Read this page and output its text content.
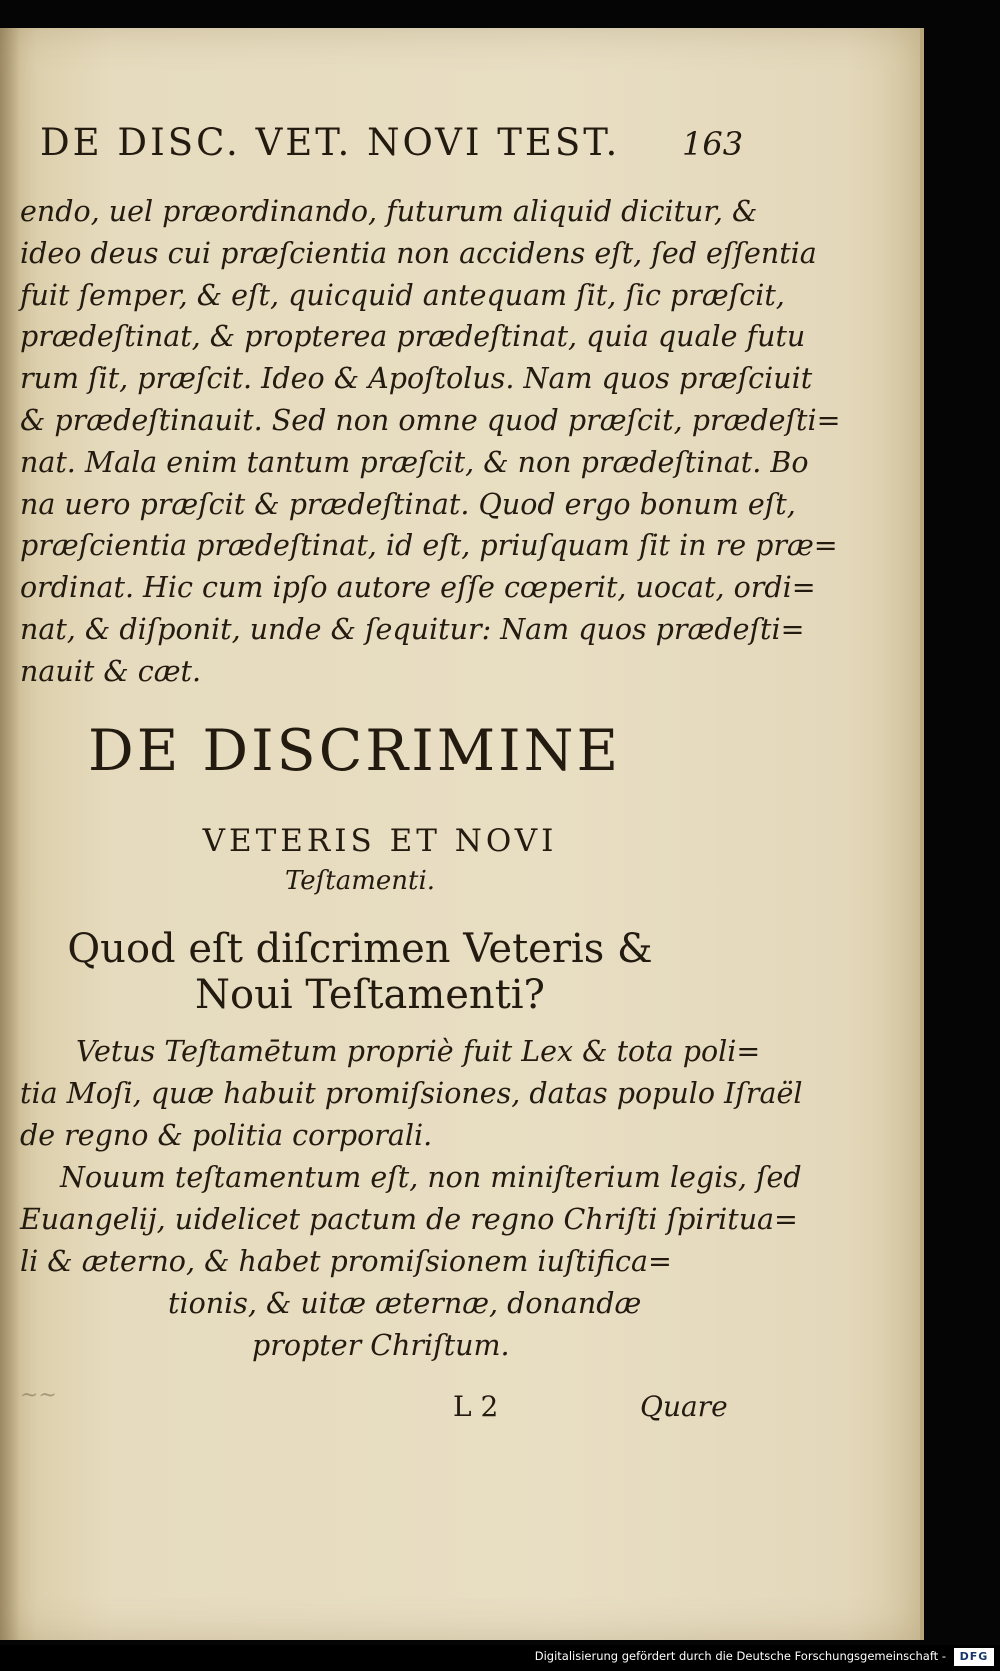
DE DISC. VET. NOVI TEST.	163
endo, uel præordinando, futurum aliquid dicitur, &
ideo deus cui præſcientia non accidens eſt, ſed eſſentia
fuit ſemper, & eſt, quicquid antequam ſit, ſic præſcit,
prædeſtinat, & propterea prædeſtinat, quia quale futu
rum ſit, præſcit. Ideo & Apoſtolus. Nam quos præſciuit
& prædeſtinauit. Sed non omne quod præſcit, prædeſti=
nat. Mala enim tantum præſcit, & non prædeſtinat. Bo
na uero præſcit & prædeſtinat. Quod ergo bonum eſt,
præſcientia prædeſtinat, id eſt, priuſquam ſit in re præ=
ordinat. Hic cum ipſo autore eſſe cœperit, uocat, ordi=
nat, & diſponit, unde & ſequitur: Nam quos prædeſti=
nauit & cæt.
DE DISCRIMINE
VETERIS ET NOVI
Teſtamenti.
Quod eſt diſcrimen Veteris &
Noui Teſtamenti?
Vetus Teſtamētum propriè fuit Lex & tota poli=
tia Moſi, quæ habuit promiſsiones, datas populo Iſraël
de regno & politia corporali.
Nouum teſtamentum eſt, non miniſterium legis, ſed
Euangelij, uidelicet pactum de regno Chriſti ſpiritua=
li & æterno, & habet promiſsionem iuſtifica=
tionis, & uitæ æternæ, donandæ
propter Chriſtum.
~~	L 2	Quare
Digitalisierung gefördert durch die Deutsche Forschungsgemeinschaft -	DFG
